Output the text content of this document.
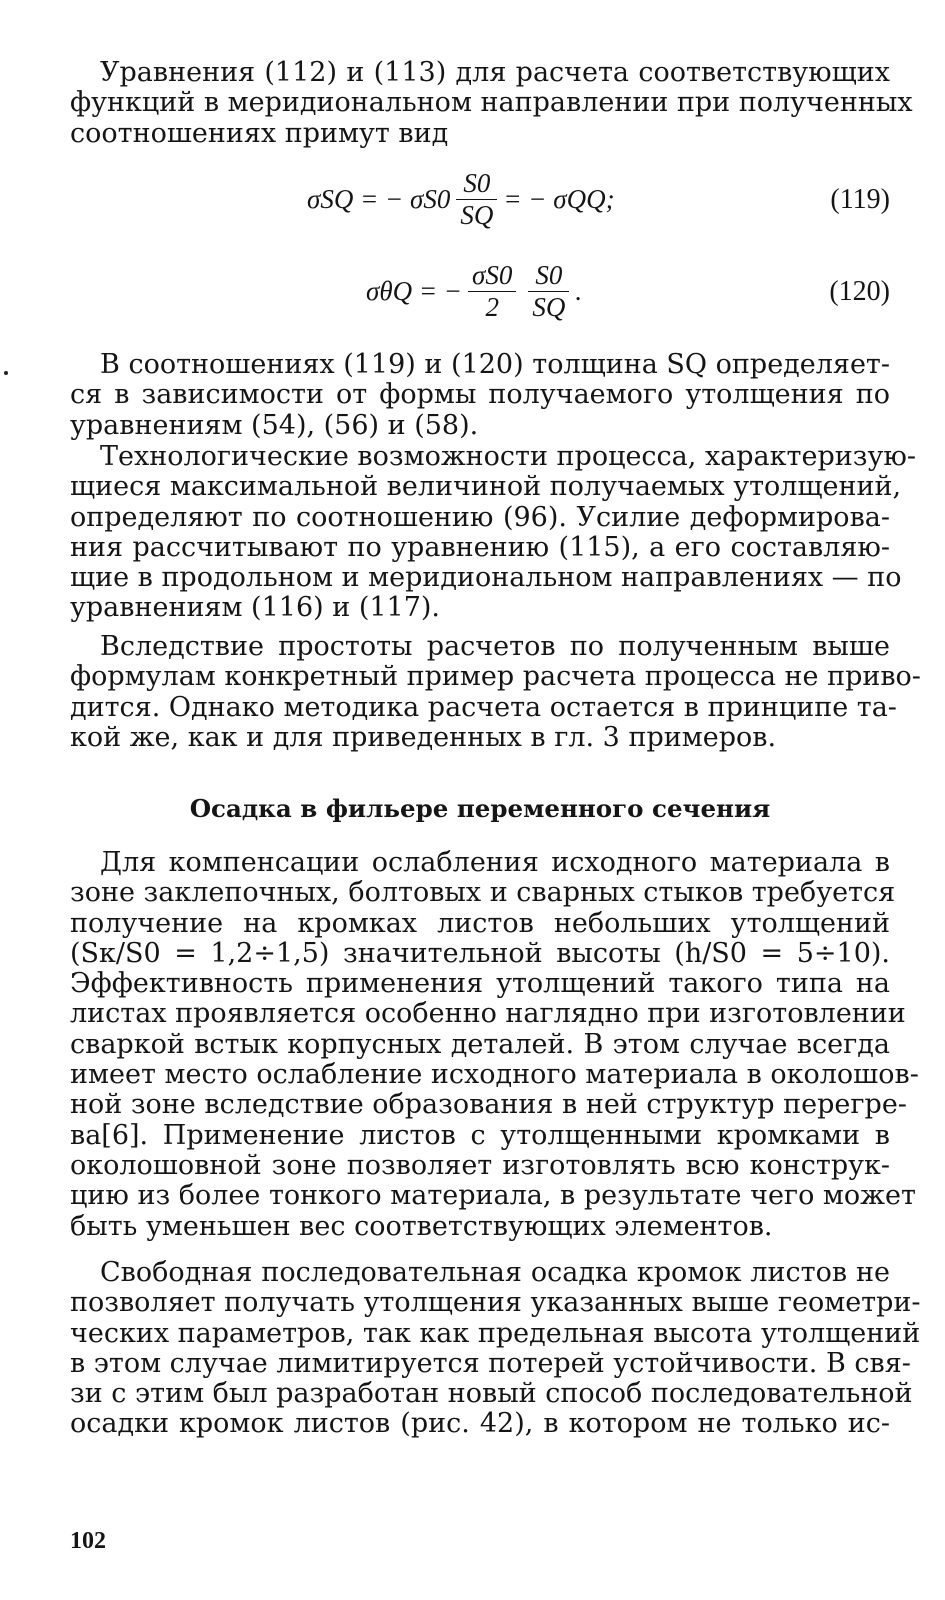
Уравнения (112) и (113) для расчета соответствующих
функций в меридиональном направлении при полученных
соотношениях примут вид
σSQ = − $\sigma S0 \frac{S0}{SQ}$ = − σQQ;	(119)
σθQ = − $\frac{\sigma S0}{2} \frac{S0}{SQ}$ .	(120)
В соотношениях (119) и (120) толщина SQ определяет-
ся в зависимости от формы получаемого утолщения по
уравнениям (54), (56) и (58).
Технологические возможности процесса, характеризую-
щиеся максимальной величиной получаемых утолщений,
определяют по соотношению (96). Усилие деформирова-
ния рассчитывают по уравнению (115), а его составляю-
щие в продольном и меридиональном направлениях — по
уравнениям (116) и (117).
Вследствие простоты расчетов по полученным выше
формулам конкретный пример расчета процесса не приво-
дится. Однако методика расчета остается в принципе та-
кой же, как и для приведенных в гл. 3 примеров.
Осадка в фильере переменного сечения
Для компенсации ослабления исходного материала в
зоне заклепочных, болтовых и сварных стыков требуется
получение на кромках листов небольших утолщений
(Sк/S0 = 1,2÷1,5) значительной высоты (h/S0 = 5÷10).
Эффективность применения утолщений такого типа на
листах проявляется особенно наглядно при изготовлении
сваркой встык корпусных деталей. В этом случае всегда
имеет место ослабление исходного материала в околошов-
ной зоне вследствие образования в ней структур перегре-
ва[6]. Применение листов с утолщенными кромками в
околошовной зоне позволяет изготовлять всю конструк-
цию из более тонкого материала, в результате чего может
быть уменьшен вес соответствующих элементов.
Свободная последовательная осадка кромок листов не
позволяет получать утолщения указанных выше геометри-
ческих параметров, так как предельная высота утолщений
в этом случае лимитируется потерей устойчивости. В свя-
зи с этим был разработан новый способ последовательной
осадки кромок листов (рис. 42), в котором не только ис-
102
